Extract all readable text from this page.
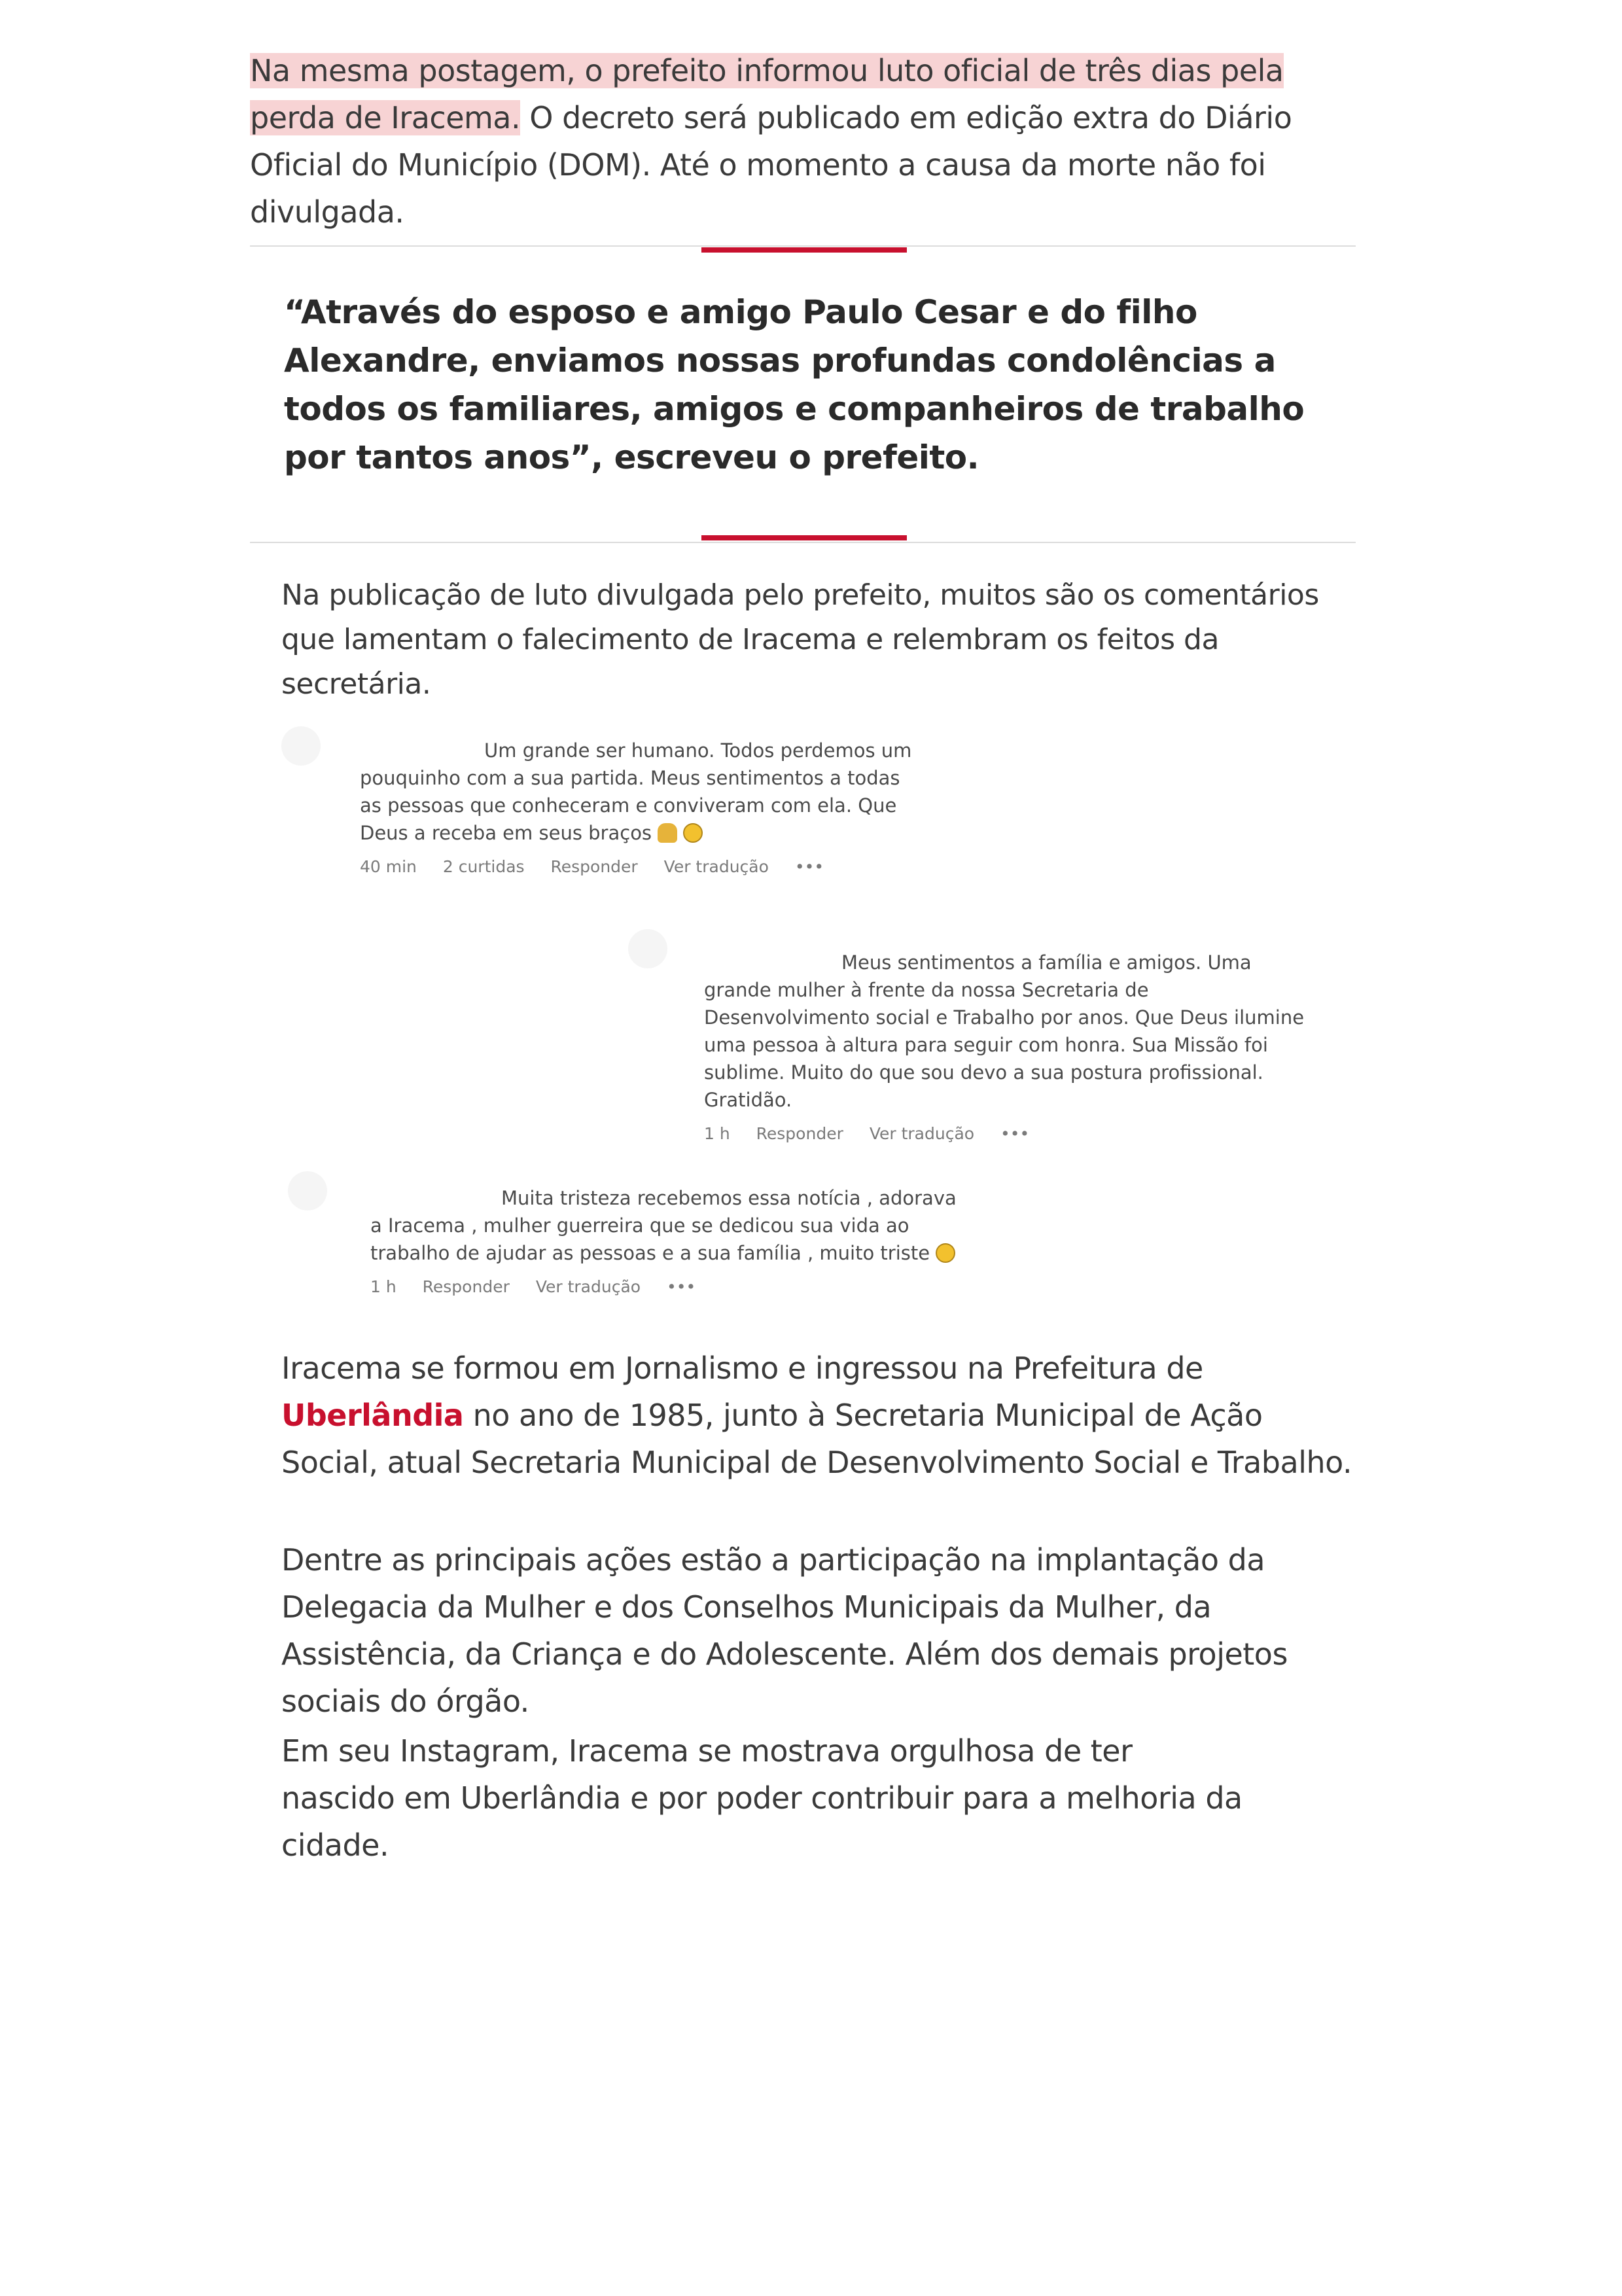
Na mesma postagem, o prefeito informou luto oficial de três dias pela perda de Iracema. O decreto será publicado em edição extra do Diário Oficial do Município (DOM). Até o momento a causa da morte não foi divulgada.

“Através do esposo e amigo Paulo Cesar e do filho Alexandre, enviamos nossas profundas condolências a todos os familiares, amigos e companheiros de trabalho por tantos anos”, escreveu o prefeito.

Na publicação de luto divulgada pelo prefeito, muitos são os comentários que lamentam o falecimento de Iracema e relembram os feitos da secretária.

Um grande ser humano. Todos perdemos um pouquinho com a sua partida. Meus sentimentos a todas as pessoas que conheceram e conviveram com ela. Que Deus a receba em seus braços
40 min 2 curtidas Responder Ver tradução •••
Meus sentimentos a família e amigos. Uma grande mulher à frente da nossa Secretaria de Desenvolvimento social e Trabalho por anos. Que Deus ilumine uma pessoa à altura para seguir com honra. Sua Missão foi sublime. Muito do que sou devo a sua postura profissional. Gratidão.
1 h Responder Ver tradução •••
Muita tristeza recebemos essa notícia , adorava a Iracema , mulher guerreira que se dedicou sua vida ao trabalho de ajudar as pessoas e a sua família , muito triste
1 h Responder Ver tradução •••

Iracema se formou em Jornalismo e ingressou na Prefeitura de Uberlândia no ano de 1985, junto à Secretaria Municipal de Ação Social, atual Secretaria Municipal de Desenvolvimento Social e Trabalho.

Dentre as principais ações estão a participação na implantação da Delegacia da Mulher e dos Conselhos Municipais da Mulher, da Assistência, da Criança e do Adolescente. Além dos demais projetos sociais do órgão.

Em seu Instagram, Iracema se mostrava orgulhosa de ter nascido em Uberlândia e por poder contribuir para a melhoria da cidade.
